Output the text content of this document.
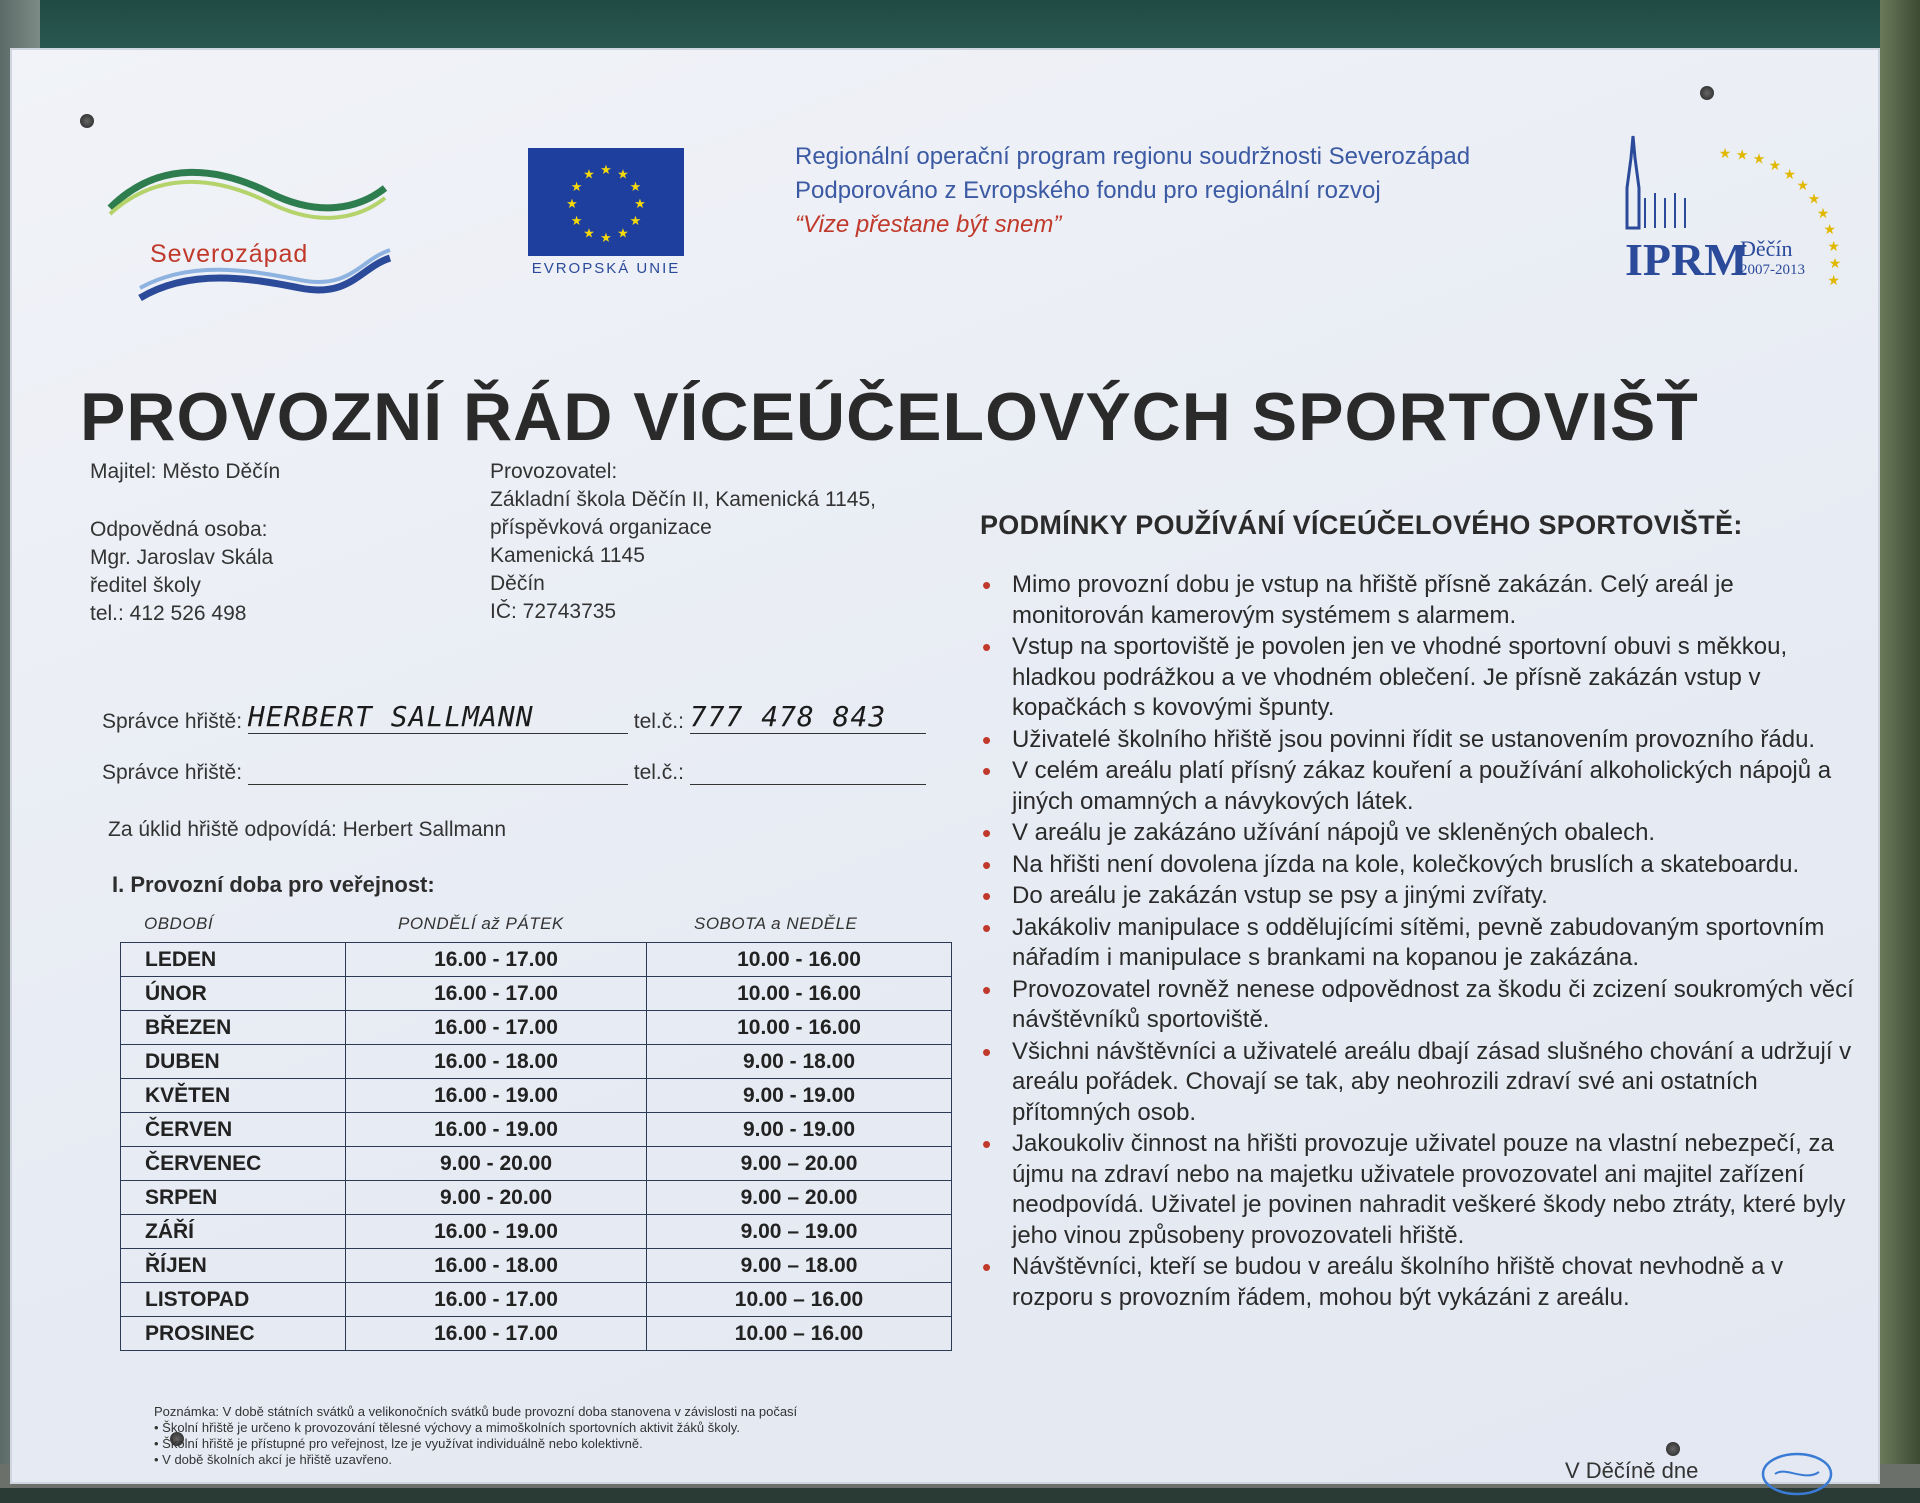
Severozápad
★ ★
★
★
★
★
★
★
★
★
★
★
EVROPSKÁ UNIE
Regionální operační program regionu soudržnosti Severozápad
Podporováno z Evropského fondu pro regionální rozvoj
“Vize přestane být snem”
★ ★ ★ ★
★
★
★
★
★
★
★
★
IPRM
Děčín
2007-2013
PROVOZNÍ ŘÁD VÍCEÚČELOVÝCH SPORTOVIŠŤ
Majitel: Město Děčín
Odpovědná osoba:
Mgr. Jaroslav Skála
ředitel školy
tel.: 412 526 498
Provozovatel:
Základní škola Děčín II, Kamenická 1145,
příspěvková organizace
Kamenická 1145
Děčín
IČ: 72743735
Správce hřiště: HERBERT SALLMANN	tel.č.: 777 478 843
Správce hřiště:	tel.č.:
Za úklid hřiště odpovídá: Herbert Sallmann
I. Provozní doba pro veřejnost:
OBDOBÍ	PONDĚLÍ až PÁTEK	SOBOTA a NEDĚLE
LEDEN	16.00 - 17.00	10.00 - 16.00
ÚNOR	16.00 - 17.00	10.00 - 16.00
BŘEZEN	16.00 - 17.00	10.00 - 16.00
DUBEN	16.00 - 18.00	9.00 - 18.00
KVĚTEN	16.00 - 19.00	9.00 - 19.00
ČERVEN	16.00 - 19.00	9.00 - 19.00
ČERVENEC	9.00 - 20.00	9.00 – 20.00
SRPEN	9.00 - 20.00	9.00 – 20.00
ZÁŘÍ	16.00 - 19.00	9.00 – 19.00
ŘÍJEN	16.00 - 18.00	9.00 – 18.00
LISTOPAD	16.00 - 17.00	10.00 – 16.00
PROSINEC	16.00 - 17.00	10.00 – 16.00
Poznámka: V době státních svátků a velikonočních svátků bude provozní doba stanovena v závislosti na počasí
• Školní hřiště je určeno k provozování tělesné výchovy a mimoškolních sportovních aktivit žáků školy.
• Školní hřiště je přístupné pro veřejnost, lze je využívat individuálně nebo kolektivně.
• V době školních akcí je hřiště uzavřeno.
PODMÍNKY POUŽÍVÁNÍ VÍCEÚČELOVÉHO SPORTOVIŠTĚ:
• Mimo provozní dobu je vstup na hřiště přísně zakázán. Celý areál je monitorován kamerovým systémem s alarmem.
• Vstup na sportoviště je povolen jen ve vhodné sportovní obuvi s měkkou, hladkou podrážkou a ve vhodném oblečení. Je přísně zakázán vstup v kopačkách s kovovými špunty.
• Uživatelé školního hřiště jsou povinni řídit se ustanovením provozního řádu.
• V celém areálu platí přísný zákaz kouření a používání alkoholických nápojů a jiných omamných a návykových látek.
• V areálu je zakázáno užívání nápojů ve skleněných obalech.
• Na hřišti není dovolena jízda na kole, kolečkových bruslích a skateboardu.
• Do areálu je zakázán vstup se psy a jinými zvířaty.
• Jakákoliv manipulace s oddělujícími sítěmi, pevně zabudovaným sportovním nářadím i manipulace s brankami na kopanou je zakázána.
• Provozovatel rovněž nenese odpovědnost za škodu či zcizení soukromých věcí návštěvníků sportoviště.
• Všichni návštěvníci a uživatelé areálu dbají zásad slušného chování a udržují v areálu pořádek. Chovají se tak, aby neohrozili zdraví své ani ostatních přítomných osob.
• Jakoukoliv činnost na hřišti provozuje uživatel pouze na vlastní nebezpečí, za újmu na zdraví nebo na majetku uživatele provozovatel ani majitel zařízení neodpovídá. Uživatel je povinen nahradit veškeré škody nebo ztráty, které byly jeho vinou způsobeny provozovateli hřiště.
• Návštěvníci, kteří se budou v areálu školního hřiště chovat nevhodně a v rozporu s provozním řádem, mohou být vykázáni z areálu.
V Děčíně dne
